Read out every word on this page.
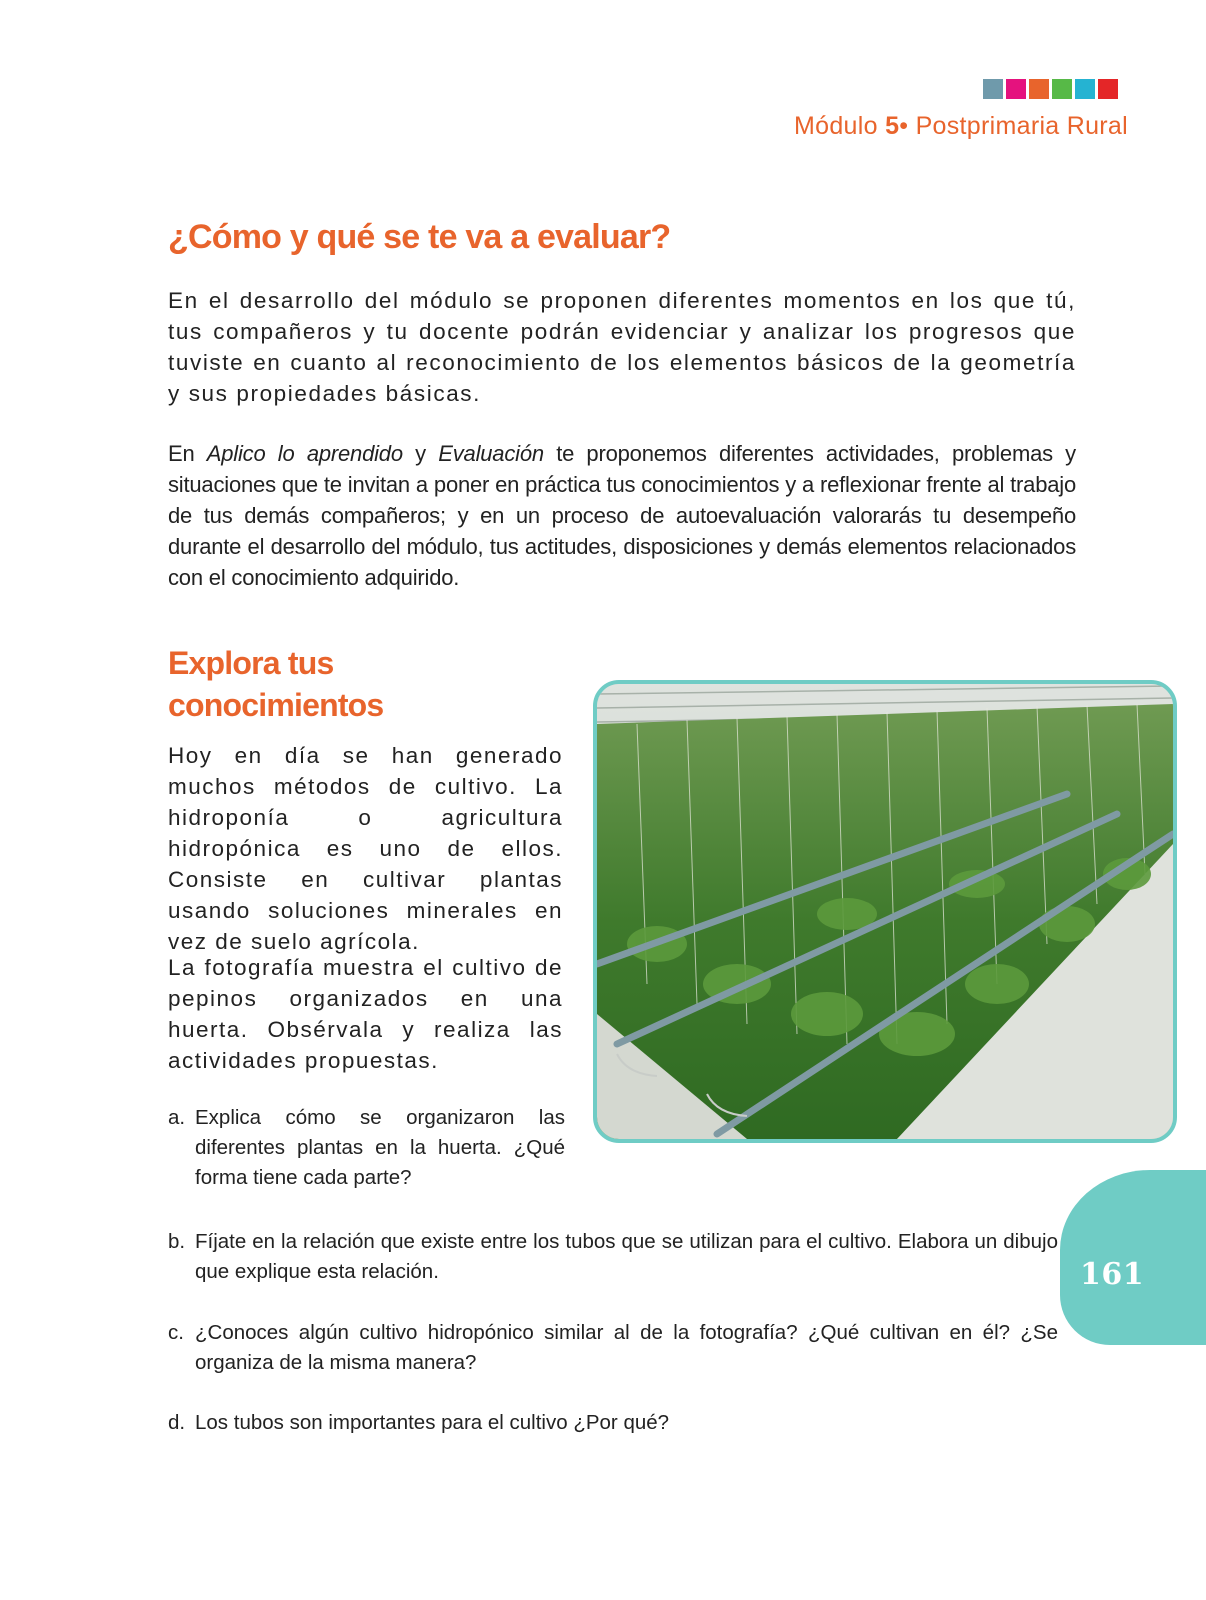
Módulo 5• Postprimaria Rural
¿Cómo y qué se te va a evaluar?

En el desarrollo del módulo se proponen diferentes momentos en los que tú, tus compañeros y tu docente podrán evidenciar y analizar los progresos que tuviste en cuanto al reconocimiento de los elementos básicos de la geometría y sus propiedades básicas.

En Aplico lo aprendido y Evaluación te proponemos diferentes actividades, problemas y situaciones que te invitan a poner en práctica tus conocimientos y a reflexionar frente al trabajo de tus demás compañeros; y en un proceso de autoevaluación valorarás tu desempeño durante el desarrollo del módulo, tus actitudes, disposiciones y demás elementos relacionados con el conocimiento adquirido.

Explora tus
conocimientos

Hoy en día se han generado muchos métodos de cultivo. La hidroponía o agricultura hidropónica es uno de ellos. Consiste en cultivar plantas usando soluciones minerales en vez de suelo agrícola.

La fotografía muestra el cultivo de pepinos organizados en una huerta. Obsérvala y realiza las actividades propuestas.

a. Explica cómo se organizaron las diferentes plantas en la huerta. ¿Qué forma tiene cada parte?
b. Fíjate en la relación que existe entre los tubos que se utilizan para el cultivo. Elabora un dibujo que explique esta relación.
c. ¿Conoces algún cultivo hidropónico similar al de la fotografía? ¿Qué cultivan en él? ¿Se organiza de la misma manera?
d. Los tubos son importantes para el cultivo ¿Por qué?
161
